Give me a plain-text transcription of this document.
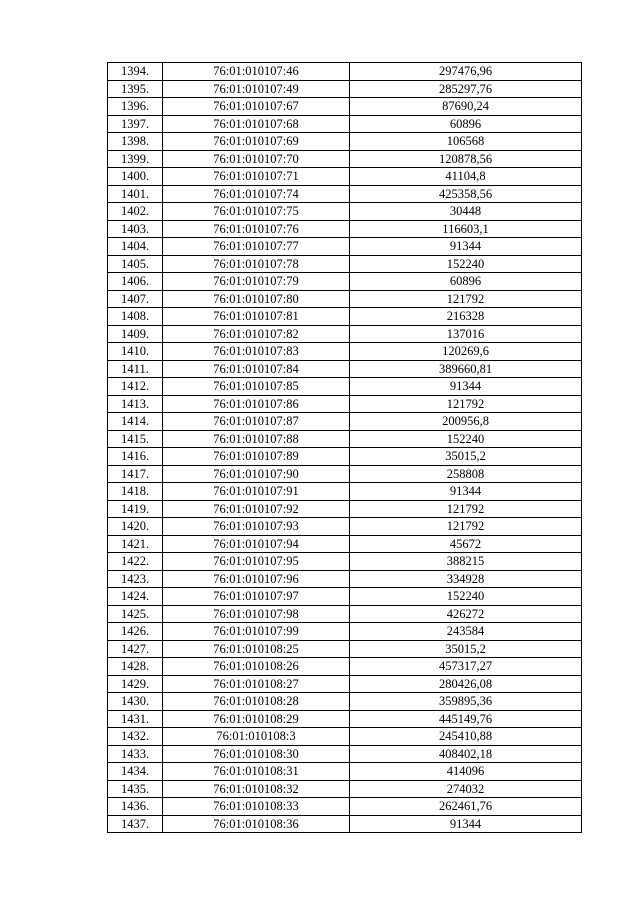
1394.	76:01:010107:46	297476,96
1395.	76:01:010107:49	285297,76
1396.	76:01:010107:67	87690,24
1397.	76:01:010107:68	60896
1398.	76:01:010107:69	106568
1399.	76:01:010107:70	120878,56
1400.	76:01:010107:71	41104,8
1401.	76:01:010107:74	425358,56
1402.	76:01:010107:75	30448
1403.	76:01:010107:76	116603,1
1404.	76:01:010107:77	91344
1405.	76:01:010107:78	152240
1406.	76:01:010107:79	60896
1407.	76:01:010107:80	121792
1408.	76:01:010107:81	216328
1409.	76:01:010107:82	137016
1410.	76:01:010107:83	120269,6
1411.	76:01:010107:84	389660,81
1412.	76:01:010107:85	91344
1413.	76:01:010107:86	121792
1414.	76:01:010107:87	200956,8
1415.	76:01:010107:88	152240
1416.	76:01:010107:89	35015,2
1417.	76:01:010107:90	258808
1418.	76:01:010107:91	91344
1419.	76:01:010107:92	121792
1420.	76:01:010107:93	121792
1421.	76:01:010107:94	45672
1422.	76:01:010107:95	388215
1423.	76:01:010107:96	334928
1424.	76:01:010107:97	152240
1425.	76:01:010107:98	426272
1426.	76:01:010107:99	243584
1427.	76:01:010108:25	35015,2
1428.	76:01:010108:26	457317,27
1429.	76:01:010108:27	280426,08
1430.	76:01:010108:28	359895,36
1431.	76:01:010108:29	445149,76
1432.	76:01:010108:3	245410,88
1433.	76:01:010108:30	408402,18
1434.	76:01:010108:31	414096
1435.	76:01:010108:32	274032
1436.	76:01:010108:33	262461,76
1437.	76:01:010108:36	91344
